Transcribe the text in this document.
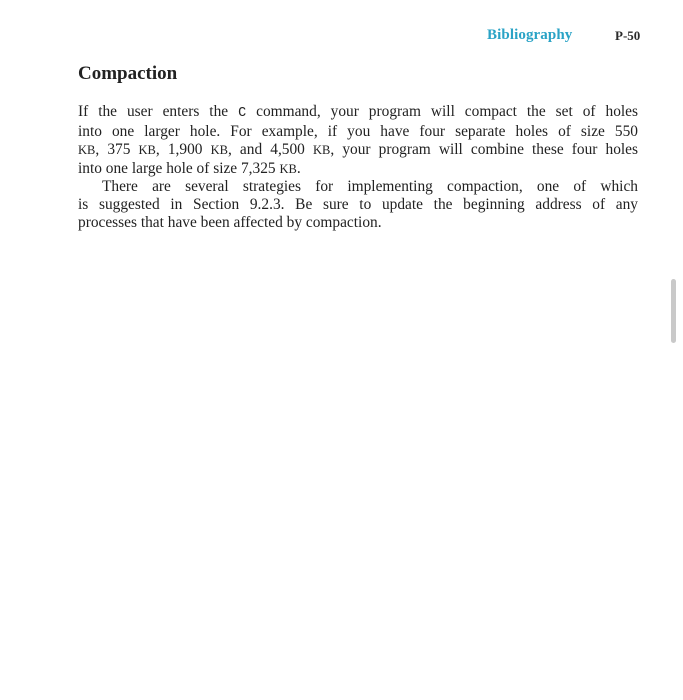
Bibliography	P-50
Compaction
If the user enters the C command, your program will compact the set of holes
into one larger hole. For example, if you have four separate holes of size 550
KB, 375 KB, 1,900 KB, and 4,500 KB, your program will combine these four holes
into one large hole of size 7,325 KB.
There are several strategies for implementing compaction, one of which
is suggested in Section 9.2.3. Be sure to update the beginning address of any
processes that have been affected by compaction.
